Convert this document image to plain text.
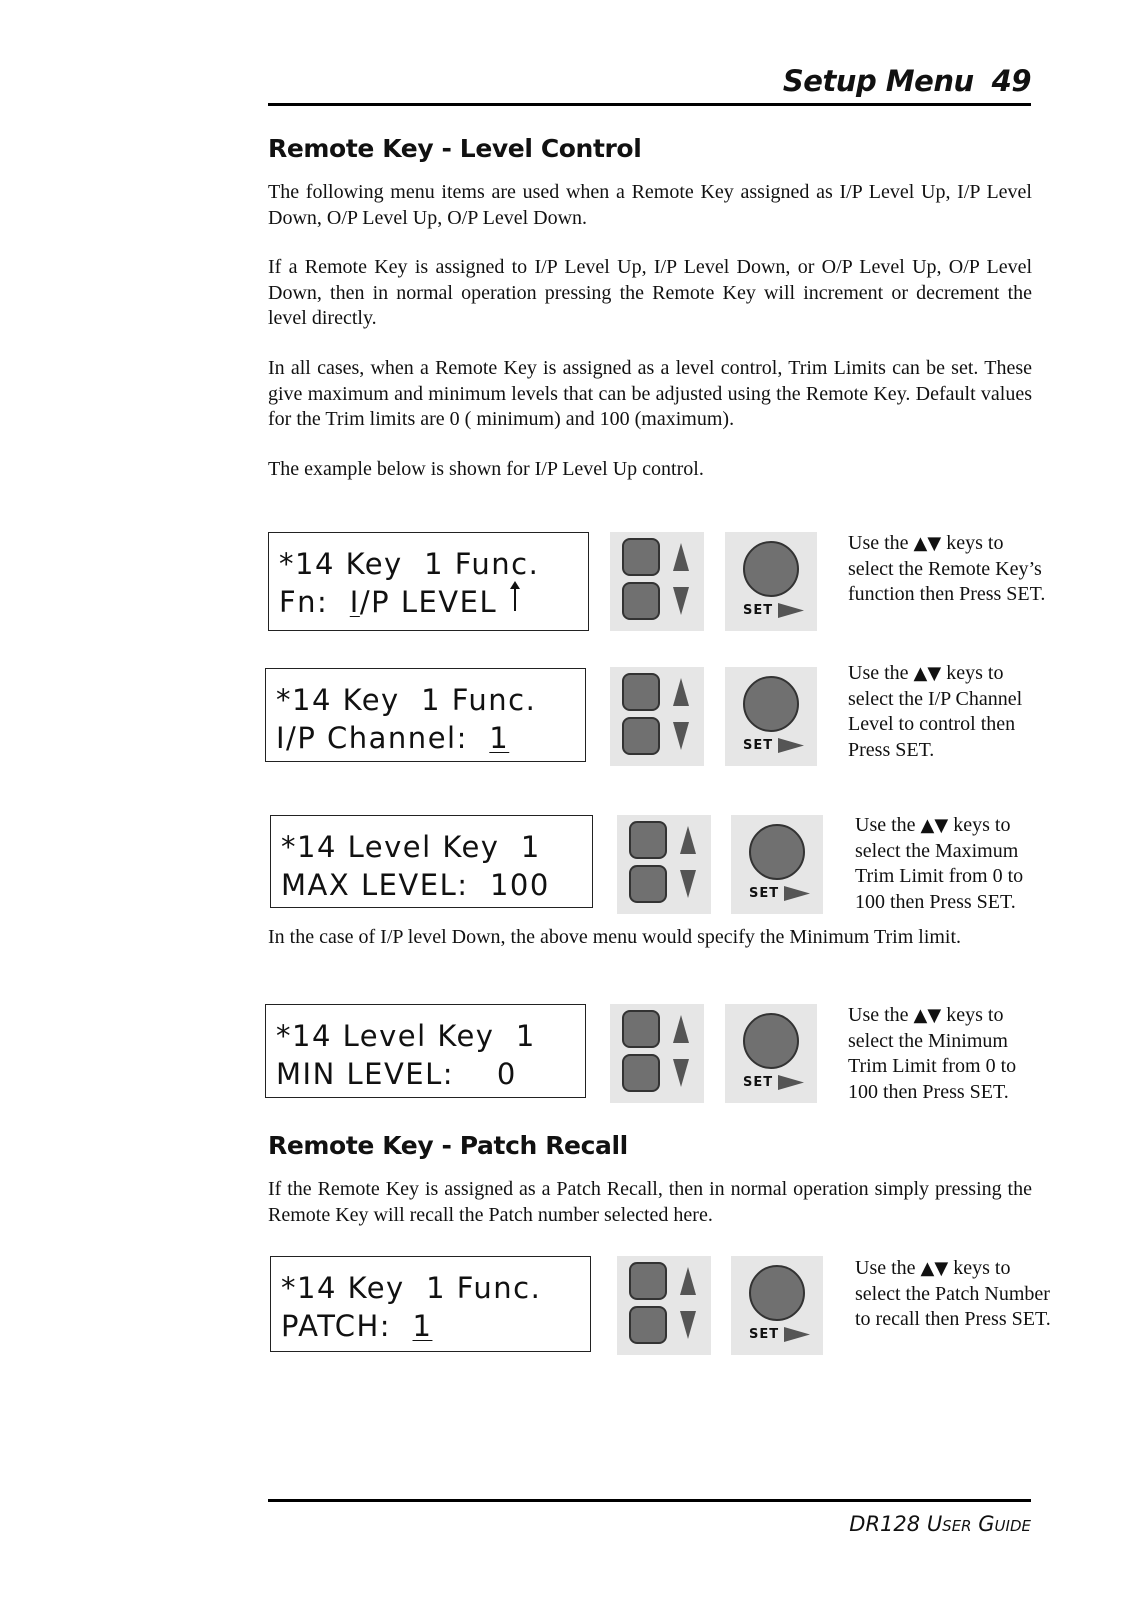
Setup Menu 49
Remote Key - Level Control
The following menu items are used when a Remote Key assigned as I/P Level Up, I/P Level Down, O/P Level Up, O/P Level Down.
If a Remote Key is assigned to I/P Level Up, I/P Level Down, or O/P Level Up, O/P Level Down, then in normal operation pressing the Remote Key will increment or decrement the level directly.
In all cases, when a Remote Key is assigned as a level control, Trim Limits can be set. These give maximum and minimum levels that can be adjusted using the Remote Key. Default values for the Trim limits are 0 ( minimum) and 100 (maximum).
The example below is shown for I/P Level Up control.
*14 Key  1 Func.
Fn:  I/P LEVEL	SET
Use the ▲▼ keys to select the Remote Key’s function then Press SET.
*14 Key  1 Func.
I/P Channel:  1	SET
Use the ▲▼ keys to select the I/P Channel Level to control then Press SET.
*14 Level Key  1
MAX LEVEL:  100	SET
Use the ▲▼ keys to select the Maximum Trim Limit from 0 to 100 then Press SET.
In the case of I/P level Down, the above menu would specify the Minimum Trim limit.
*14 Level Key  1
MIN LEVEL:    0	SET
Use the ▲▼ keys to select the Minimum Trim Limit from 0 to 100 then Press SET.
Remote Key - Patch Recall
If the Remote Key is assigned as a Patch Recall, then in normal operation simply pressing the Remote Key will recall the Patch number selected here.
*14 Key  1 Func.
PATCH:  1	SET
Use the ▲▼ keys to select the Patch Number to recall then Press SET.
DR128 User Guide
